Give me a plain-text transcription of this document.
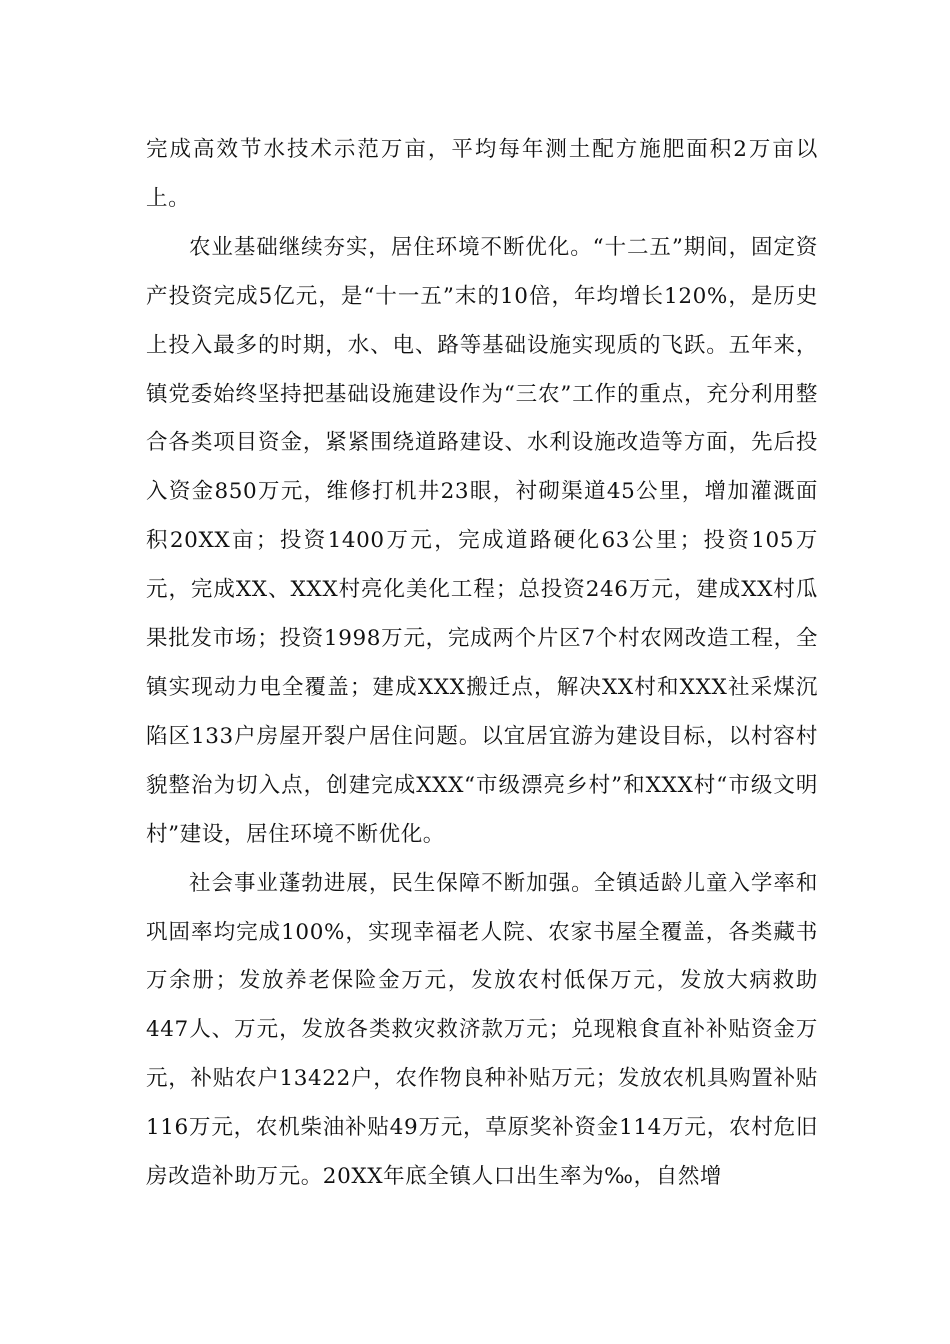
完成高效节水技术示范万亩，平均每年测土配方施肥面积2万亩以上。

农业基础继续夯实，居住环境不断优化。“十二五”期间，固定资产投资完成5亿元，是“十一五”末的10倍，年均增长120%，是历史上投入最多的时期，水、电、路等基础设施实现质的飞跃。五年来，镇党委始终坚持把基础设施建设作为“三农”工作的重点，充分利用整合各类项目资金，紧紧围绕道路建设、水利设施改造等方面，先后投入资金850万元，维修打机井23眼，衬砌渠道45公里，增加灌溉面积20XX亩；投资1400万元，完成道路硬化63公里；投资105万元，完成XX、XXX村亮化美化工程；总投资246万元，建成XX村瓜果批发市场；投资1998万元，完成两个片区7个村农网改造工程，全镇实现动力电全覆盖；建成XXX搬迁点，解决XX村和XXX社采煤沉陷区133户房屋开裂户居住问题。以宜居宜游为建设目标，以村容村貌整治为切入点，创建完成XXX“市级漂亮乡村”和XXX村“市级文明村”建设，居住环境不断优化。

社会事业蓬勃进展，民生保障不断加强。全镇适龄儿童入学率和巩固率均完成100%，实现幸福老人院、农家书屋全覆盖，各类藏书万余册；发放养老保险金万元，发放农村低保万元，发放大病救助447人、万元，发放各类救灾救济款万元；兑现粮食直补补贴资金万元，补贴农户13422户，农作物良种补贴万元；发放农机具购置补贴116万元，农机柴油补贴49万元，草原奖补资金114万元，农村危旧房改造补助万元。20XX年底全镇人口出生率为‰，自然增
